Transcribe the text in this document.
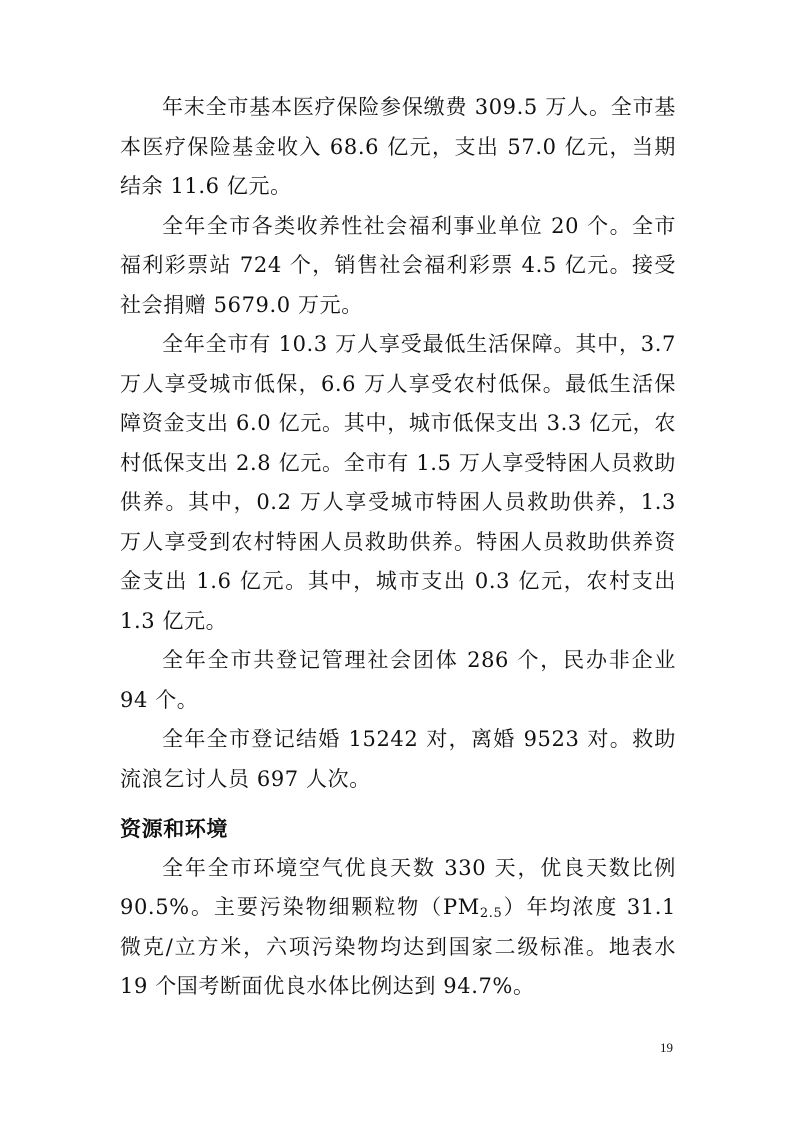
年末全市基本医疗保险参保缴费 309.5 万人。全市基本医疗保险基金收入 68.6 亿元，支出 57.0 亿元，当期结余 11.6 亿元。

全年全市各类收养性社会福利事业单位 20 个。全市福利彩票站 724 个，销售社会福利彩票 4.5 亿元。接受社会捐赠 5679.0 万元。

全年全市有 10.3 万人享受最低生活保障。其中，3.7 万人享受城市低保，6.6 万人享受农村低保。最低生活保障资金支出 6.0 亿元。其中，城市低保支出 3.3 亿元，农村低保支出 2.8 亿元。全市有 1.5 万人享受特困人员救助供养。其中，0.2 万人享受城市特困人员救助供养，1.3 万人享受到农村特困人员救助供养。特困人员救助供养资金支出 1.6 亿元。其中，城市支出 0.3 亿元，农村支出 1.3 亿元。

全年全市共登记管理社会团体 286 个，民办非企业 94 个。

全年全市登记结婚 15242 对，离婚 9523 对。救助流浪乞讨人员 697 人次。

资源和环境

全年全市环境空气优良天数 330 天，优良天数比例 90.5%。主要污染物细颗粒物$(PM_{2.5})$年均浓度 31.1 微克/立方米，六项污染物均达到国家二级标准。地表水 19 个国考断面优良水体比例达到 94.7%。

19
